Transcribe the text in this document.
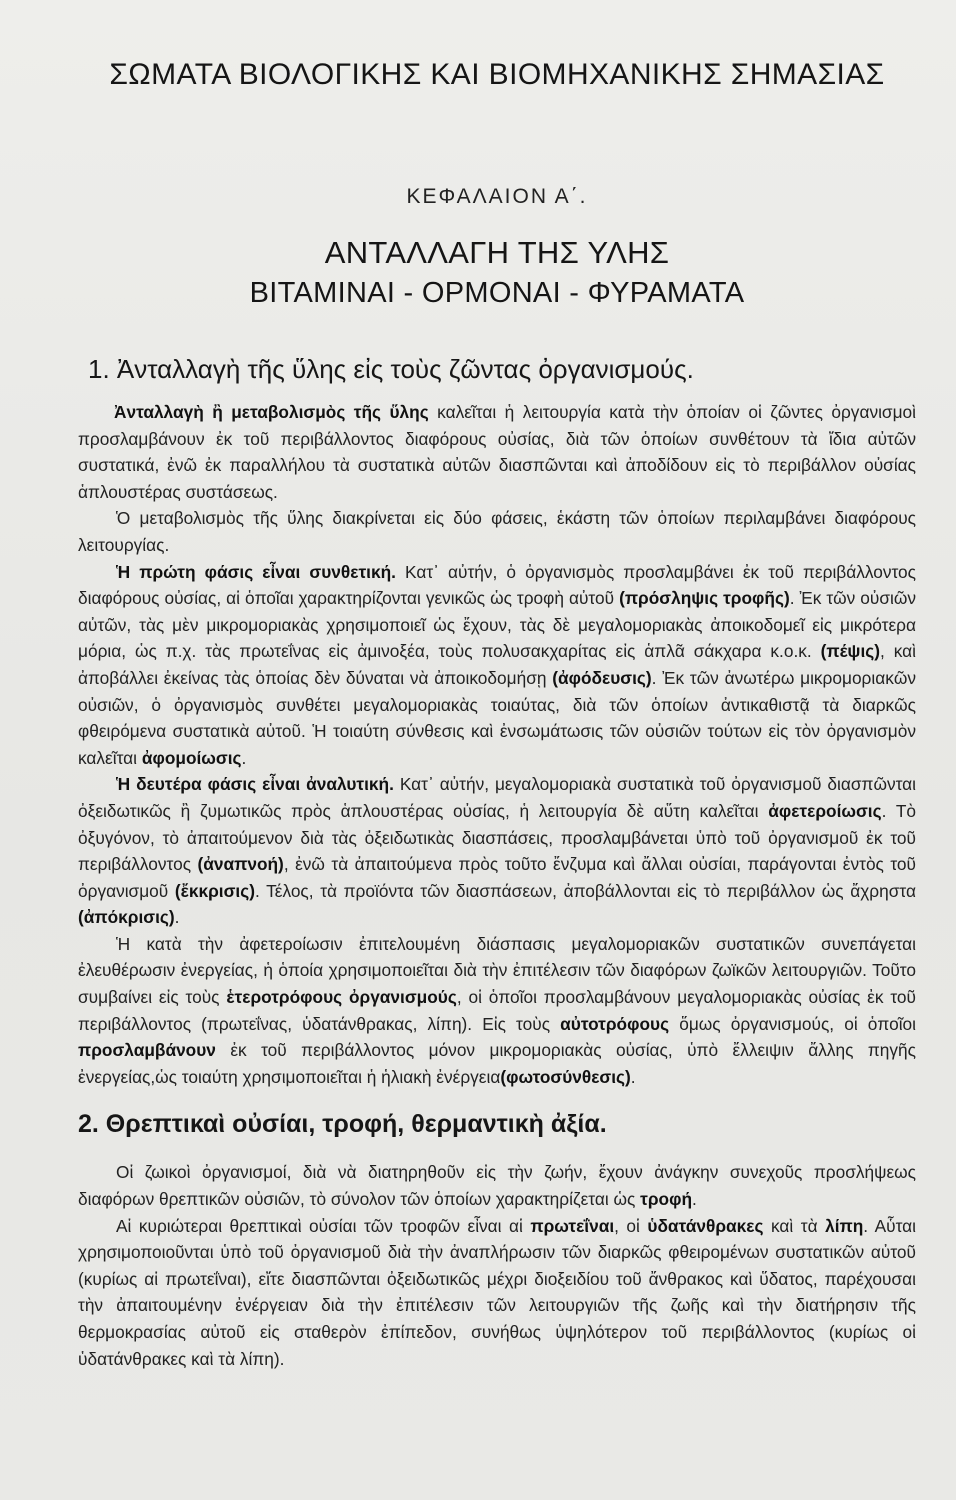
ΣΩΜΑΤΑ ΒΙΟΛΟΓΙΚΗΣ ΚΑΙ ΒΙΟΜΗΧΑΝΙΚΗΣ ΣΗΜΑΣΙΑΣ
ΚΕΦΑΛΑΙΟΝ Α΄.
ΑΝΤΑΛΛΑΓΗ ΤΗΣ ΥΛΗΣ
ΒΙΤΑΜΙΝΑΙ - ΟΡΜΟΝΑΙ - ΦΥΡΑΜΑΤΑ
1. Ἀνταλλαγὴ τῆς ὕλης εἰς τοὺς ζῶντας ὀργανισμούς.

Ἀνταλλαγὴ ἢ μεταβολισμὸς τῆς ὕλης καλεῖται ἡ λειτουργία κατὰ τὴν ὁποίαν οἱ ζῶντες ὀργανισμοὶ προσλαμβάνουν ἐκ τοῦ περιβάλλοντος διαφόρους οὐσίας, διὰ τῶν ὁποίων συνθέτουν τὰ ἴδια αὐτῶν συστατικά, ἐνῶ ἐκ παραλλήλου τὰ συστατικὰ αὐτῶν διασπῶνται καὶ ἀποδίδουν εἰς τὸ περιβάλλον οὐσίας ἁπλουστέρας συστάσεως.

Ὁ μεταβολισμὸς τῆς ὕλης διακρίνεται εἰς δύο φάσεις, ἑκάστη τῶν ὁποίων περιλαμβάνει διαφόρους λειτουργίας.

Ἡ πρώτη φάσις εἶναι συνθετική. Κατ᾽ αὐτήν, ὁ ὀργανισμὸς προσλαμβάνει ἐκ τοῦ περιβάλλοντος διαφόρους οὐσίας, αἱ ὁποῖαι χαρακτηρίζονται γενικῶς ὡς τροφὴ αὐτοῦ (πρόσληψις τροφῆς). Ἐκ τῶν οὐσιῶν αὐτῶν, τὰς μὲν μικρομοριακὰς χρησιμοποιεῖ ὡς ἔχουν, τὰς δὲ μεγαλομοριακὰς ἀποικοδομεῖ εἰς μικρότερα μόρια, ὡς π.χ. τὰς πρωτεΐνας εἰς ἀμινοξέα, τοὺς πολυσακχαρίτας εἰς ἁπλᾶ σάκχαρα κ.ο.κ. (πέψις), καὶ ἀποβάλλει ἐκείνας τὰς ὁποίας δὲν δύναται νὰ ἀποικοδομήσῃ (ἀφόδευσις). Ἐκ τῶν ἀνωτέρω μικρομοριακῶν οὐσιῶν, ὁ ὀργανισμὸς συνθέτει μεγαλομοριακὰς τοιαύτας, διὰ τῶν ὁποίων ἀντικαθιστᾷ τὰ διαρκῶς φθειρόμενα συστατικὰ αὐτοῦ. Ἡ τοιαύτη σύνθεσις καὶ ἐνσωμάτωσις τῶν οὐσιῶν τούτων εἰς τὸν ὀργανισμὸν καλεῖται ἀφομοίωσις.

Ἡ δευτέρα φάσις εἶναι ἀναλυτική. Κατ᾽ αὐτήν, μεγαλομοριακὰ συστατικὰ τοῦ ὀργανισμοῦ διασπῶνται ὀξειδωτικῶς ἢ ζυμωτικῶς πρὸς ἁπλουστέρας οὐσίας, ἡ λειτουργία δὲ αὕτη καλεῖται ἀφετεροίωσις. Τὸ ὀξυγόνον, τὸ ἀπαιτούμενον διὰ τὰς ὀξειδωτικὰς διασπάσεις, προσλαμβάνεται ὑπὸ τοῦ ὀργανισμοῦ ἐκ τοῦ περιβάλλοντος (ἀναπνοή), ἐνῶ τὰ ἀπαιτούμενα πρὸς τοῦτο ἔνζυμα καὶ ἄλλαι οὐσίαι, παράγονται ἐντὸς τοῦ ὀργανισμοῦ (ἔκκρισις). Τέλος, τὰ προϊόντα τῶν διασπάσεων, ἀποβάλλονται εἰς τὸ περιβάλλον ὡς ἄχρηστα (ἀπόκρισις).

Ἡ κατὰ τὴν ἀφετεροίωσιν ἐπιτελουμένη διάσπασις μεγαλομοριακῶν συστατικῶν συνεπάγεται ἐλευθέρωσιν ἐνεργείας, ἡ ὁποία χρησιμοποιεῖται διὰ τὴν ἐπιτέλεσιν τῶν διαφόρων ζωϊκῶν λειτουργιῶν. Τοῦτο συμβαίνει εἰς τοὺς ἑτεροτρόφους ὀργανισμούς, οἱ ὁποῖοι προσλαμβάνουν μεγαλομοριακὰς οὐσίας ἐκ τοῦ περιβάλλοντος (πρωτεΐνας, ὑδατάνθρακας, λίπη). Εἰς τοὺς αὐτοτρόφους ὅμως ὀργανισμούς, οἱ ὁποῖοι προσλαμβάνουν ἐκ τοῦ περιβάλλοντος μόνον μικρομοριακὰς οὐσίας, ὑπὸ ἔλλειψιν ἄλλης πηγῆς ἐνεργείας,ὡς τοιαύτη χρησιμοποιεῖται ἡ ἡλιακὴ ἐνέργεια(φωτοσύνθεσις).

2. Θρεπτικαὶ οὐσίαι, τροφή, θερμαντικὴ ἀξία.

Οἱ ζωικοὶ ὀργανισμοί, διὰ νὰ διατηρηθοῦν εἰς τὴν ζωήν, ἔχουν ἀνάγκην συνεχοῦς προσλήψεως διαφόρων θρεπτικῶν οὐσιῶν, τὸ σύνολον τῶν ὁποίων χαρακτηρίζεται ὡς τροφή.

Αἱ κυριώτεραι θρεπτικαὶ οὐσίαι τῶν τροφῶν εἶναι αἱ πρωτεΐναι, οἱ ὑδατάνθρακες καὶ τὰ λίπη. Αὗται χρησιμοποιοῦνται ὑπὸ τοῦ ὀργανισμοῦ διὰ τὴν ἀναπλήρωσιν τῶν διαρκῶς φθειρομένων συστατικῶν αὐτοῦ (κυρίως αἱ πρωτεΐναι), εἴτε διασπῶνται ὀξειδωτικῶς μέχρι διοξειδίου τοῦ ἄνθρακος καὶ ὕδατος, παρέχουσαι τὴν ἀπαιτουμένην ἐνέργειαν διὰ τὴν ἐπιτέλεσιν τῶν λειτουργιῶν τῆς ζωῆς καὶ τὴν διατήρησιν τῆς θερμοκρασίας αὐτοῦ εἰς σταθερὸν ἐπίπεδον, συνήθως ὑψηλότερον τοῦ περιβάλλοντος (κυρίως οἱ ὑδατάνθρακες καὶ τὰ λίπη).
